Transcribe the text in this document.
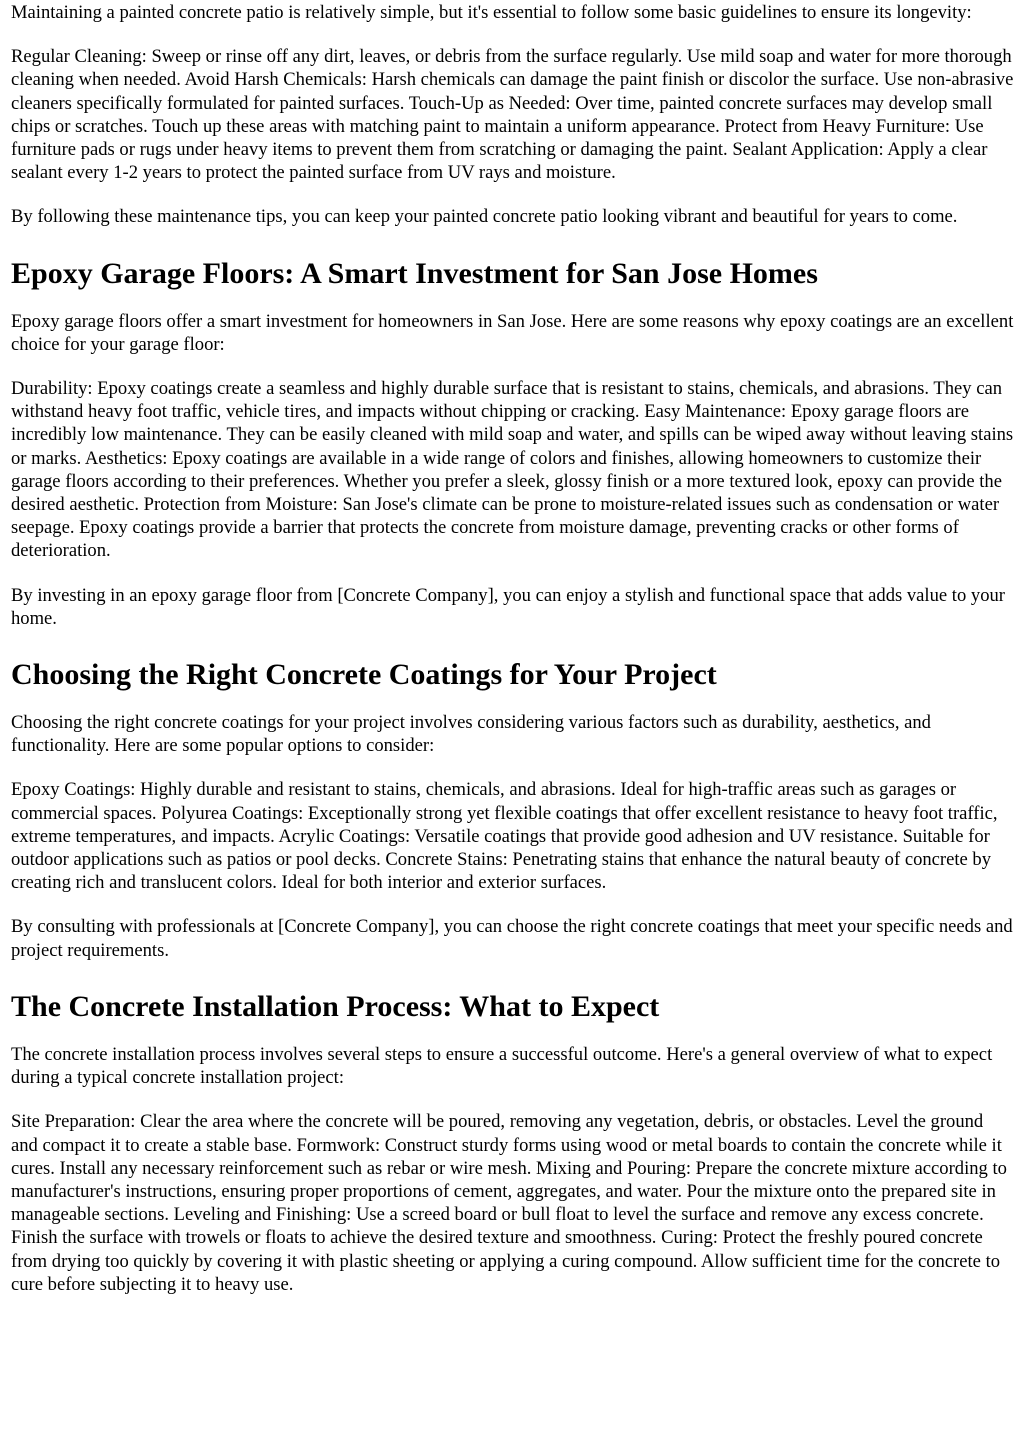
Maintaining a painted concrete patio is relatively simple, but it's essential to follow some basic guidelines to ensure its longevity:

Regular Cleaning: Sweep or rinse off any dirt, leaves, or debris from the surface regularly. Use mild soap and water for more thorough cleaning when needed. Avoid Harsh Chemicals: Harsh chemicals can damage the paint finish or discolor the surface. Use non-abrasive cleaners specifically formulated for painted surfaces. Touch-Up as Needed: Over time, painted concrete surfaces may develop small chips or scratches. Touch up these areas with matching paint to maintain a uniform appearance. Protect from Heavy Furniture: Use furniture pads or rugs under heavy items to prevent them from scratching or damaging the paint. Sealant Application: Apply a clear sealant every 1-2 years to protect the painted surface from UV rays and moisture.

By following these maintenance tips, you can keep your painted concrete patio looking vibrant and beautiful for years to come.

Epoxy Garage Floors: A Smart Investment for San Jose Homes

Epoxy garage floors offer a smart investment for homeowners in San Jose. Here are some reasons why epoxy coatings are an excellent choice for your garage floor:

Durability: Epoxy coatings create a seamless and highly durable surface that is resistant to stains, chemicals, and abrasions. They can withstand heavy foot traffic, vehicle tires, and impacts without chipping or cracking. Easy Maintenance: Epoxy garage floors are incredibly low maintenance. They can be easily cleaned with mild soap and water, and spills can be wiped away without leaving stains or marks. Aesthetics: Epoxy coatings are available in a wide range of colors and finishes, allowing homeowners to customize their garage floors according to their preferences. Whether you prefer a sleek, glossy finish or a more textured look, epoxy can provide the desired aesthetic. Protection from Moisture: San Jose's climate can be prone to moisture-related issues such as condensation or water seepage. Epoxy coatings provide a barrier that protects the concrete from moisture damage, preventing cracks or other forms of deterioration.

By investing in an epoxy garage floor from [Concrete Company], you can enjoy a stylish and functional space that adds value to your home.

Choosing the Right Concrete Coatings for Your Project

Choosing the right concrete coatings for your project involves considering various factors such as durability, aesthetics, and functionality. Here are some popular options to consider:

Epoxy Coatings: Highly durable and resistant to stains, chemicals, and abrasions. Ideal for high-traffic areas such as garages or commercial spaces. Polyurea Coatings: Exceptionally strong yet flexible coatings that offer excellent resistance to heavy foot traffic, extreme temperatures, and impacts. Acrylic Coatings: Versatile coatings that provide good adhesion and UV resistance. Suitable for outdoor applications such as patios or pool decks. Concrete Stains: Penetrating stains that enhance the natural beauty of concrete by creating rich and translucent colors. Ideal for both interior and exterior surfaces.

By consulting with professionals at [Concrete Company], you can choose the right concrete coatings that meet your specific needs and project requirements.

The Concrete Installation Process: What to Expect

The concrete installation process involves several steps to ensure a successful outcome. Here's a general overview of what to expect during a typical concrete installation project:

Site Preparation: Clear the area where the concrete will be poured, removing any vegetation, debris, or obstacles. Level the ground and compact it to create a stable base. Formwork: Construct sturdy forms using wood or metal boards to contain the concrete while it cures. Install any necessary reinforcement such as rebar or wire mesh. Mixing and Pouring: Prepare the concrete mixture according to manufacturer's instructions, ensuring proper proportions of cement, aggregates, and water. Pour the mixture onto the prepared site in manageable sections. Leveling and Finishing: Use a screed board or bull float to level the surface and remove any excess concrete. Finish the surface with trowels or floats to achieve the desired texture and smoothness. Curing: Protect the freshly poured concrete from drying too quickly by covering it with plastic sheeting or applying a curing compound. Allow sufficient time for the concrete to cure before subjecting it to heavy use.
